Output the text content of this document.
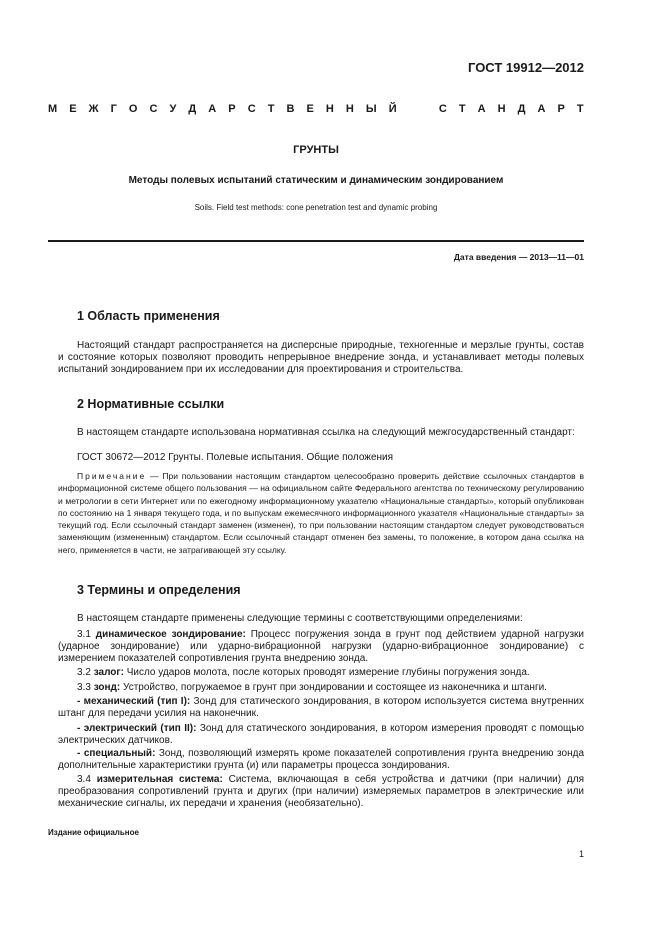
ГОСТ 19912—2012
М Е Ж Г О С У Д А Р С Т В Е Н Н Ы Й

	С Т А Н Д А Р Т
ГРУНТЫ
Методы полевых испытаний статическим и динамическим зондированием
Soils. Field test methods: cone penetration test and dynamic probing
Дата введения — 2013—11—01
1 Область применения
Настоящий стандарт распространяется на дисперсные природные, техногенные и мерзлые грунты, состав и состояние которых позволяют проводить непрерывное внедрение зонда, и устанавливает методы полевых испытаний зондированием при их исследовании для проектирования и строительства.
2 Нормативные ссылки
В настоящем стандарте использована нормативная ссылка на следующий межгосударственный стандарт:
ГОСТ 30672—2012 Грунты. Полевые испытания. Общие положения
Примечание — При пользовании настоящим стандартом целесообразно проверить действие ссылочных стандартов в информационной системе общего пользования — на официальном сайте Федерального агентства по техническому регулированию и метрологии в сети Интернет или по ежегодному информационному указателю «Национальные стандарты», который опубликован по состоянию на 1 января текущего года, и по выпускам ежемесячного информационного указателя «Национальные стандарты» за текущий год. Если ссылочный стандарт заменен (изменен), то при пользовании настоящим стандартом следует руководствоваться заменяющим (измененным) стандартом. Если ссылочный стандарт отменен без замены, то положение, в котором дана ссылка на него, применяется в части, не затрагивающей эту ссылку.
3 Термины и определения
В настоящем стандарте применены следующие термины с соответствующими определениями:
3.1 динамическое зондирование: Процесс погружения зонда в грунт под действием ударной нагрузки (ударное зондирование) или ударно-вибрационной нагрузки (ударно-вибрационное зондирование) с измерением показателей сопротивления грунта внедрению зонда.
3.2 залог: Число ударов молота, после которых проводят измерение глубины погружения зонда.
3.3 зонд: Устройство, погружаемое в грунт при зондировании и состоящее из наконечника и штанги.
- механический (тип I): Зонд для статического зондирования, в котором используется система внутренних штанг для передачи усилия на наконечник.
- электрический (тип II): Зонд для статического зондирования, в котором измерения проводят с помощью электрических датчиков.
- специальный: Зонд, позволяющий измерять кроме показателей сопротивления грунта внедрению зонда дополнительные характеристики грунта (и) или параметры процесса зондирования.
3.4 измерительная система: Система, включающая в себя устройства и датчики (при наличии) для преобразования сопротивлений грунта и других (при наличии) измеряемых параметров в электрические или механические сигналы, их передачи и хранения (необязательно).
Издание официальное
1
